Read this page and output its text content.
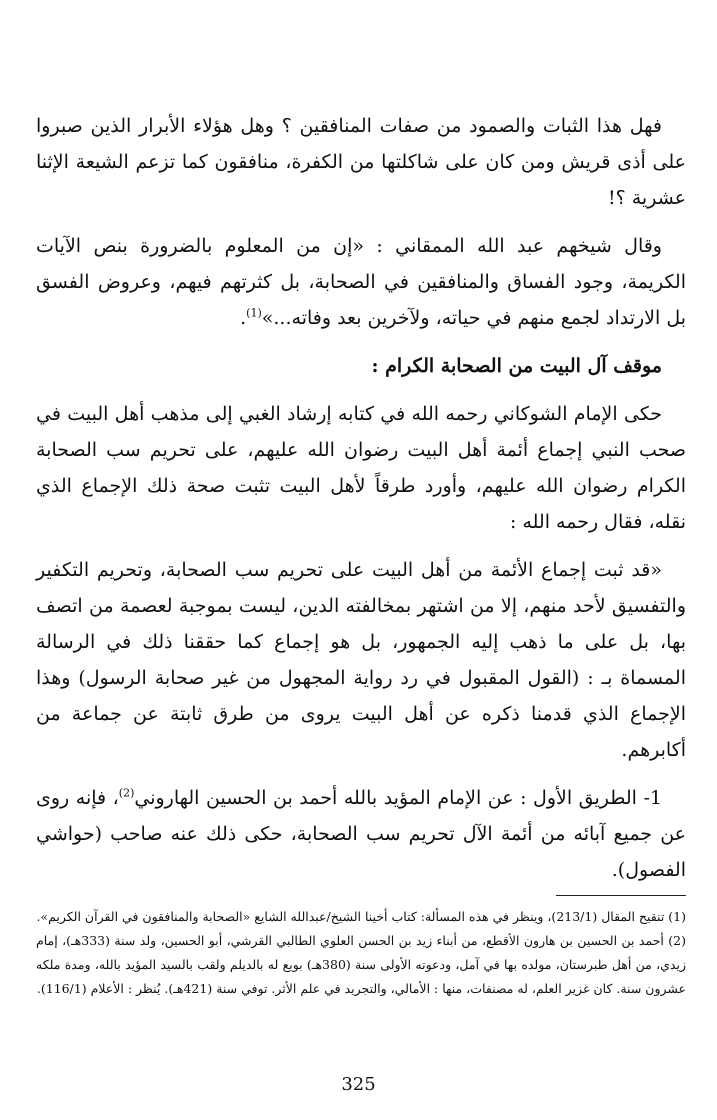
فهل هذا الثبات والصمود من صفات المنافقين ؟ وهل هؤلاء الأبرار الذين صبروا على أذى قريش ومن كان على شاكلتها من الكفرة، منافقون كما تزعم الشيعة الإثنا عشرية ؟!

وقال شيخهم عبد الله الممقاني : «إن من المعلوم بالضرورة بنص الآيات الكريمة، وجود الفساق والمنافقين في الصحابة، بل كثرتهم فيهم، وعروض الفسق بل الارتداد لجمع منهم في حياته، ولآخرين بعد وفاته...»$^{(1)}$.

موقف آل البيت من الصحابة الكرام :

حكى الإمام الشوكاني رحمه الله في كتابه إرشاد الغبي إلى مذهب أهل البيت في صحب النبي إجماع أئمة أهل البيت رضوان الله عليهم، على تحريم سب الصحابة الكرام رضوان الله عليهم، وأورد طرقاً لأهل البيت تثبت صحة ذلك الإجماع الذي نقله، فقال رحمه الله :

«قد ثبت إجماع الأئمة من أهل البيت على تحريم سب الصحابة، وتحريم التكفير والتفسيق لأحد منهم، إلا من اشتهر بمخالفته الدين، ليست بموجبة لعصمة من اتصف بها، بل على ما ذهب إليه الجمهور، بل هو إجماع كما حققنا ذلك في الرسالة المسماة بـ : (القول المقبول في رد رواية المجهول من غير صحابة الرسول) وهذا الإجماع الذي قدمنا ذكره عن أهل البيت يروى من طرق ثابتة عن جماعة من أكابرهم.

1- الطريق الأول : عن الإمام المؤيد بالله أحمد بن الحسين الهاروني$^{(2)}$، فإنه روى عن جميع آبائه من أئمة الآل تحريم سب الصحابة، حكى ذلك عنه صاحب (حواشي الفصول).

(1) تنقيح المقال (213/1)، وينظر في هذه المسألة: كتاب أخينا الشيخ/عبدالله الشايع «الصحابة والمنافقون في القرآن الكريم».

(2) أحمد بن الحسين بن هارون الأقطع، من أبناء زيد بن الحسن العلوي الطالبي القرشي، أبو الحسين، ولد سنة (333هـ)، إمام زيدي، من أهل طبرستان، مولده بها في آمل، ودعوته الأولى سنة (380هـ) بويع له بالديلم ولقب بالسيد المؤيد بالله، ومدة ملكه عشرون سنة. كان غزير العلم، له مصنفات، منها : الأمالي، والتجريد في علم الأثر. توفي سنة (421هـ). يُنظر : الأعلام (116/1).

325
